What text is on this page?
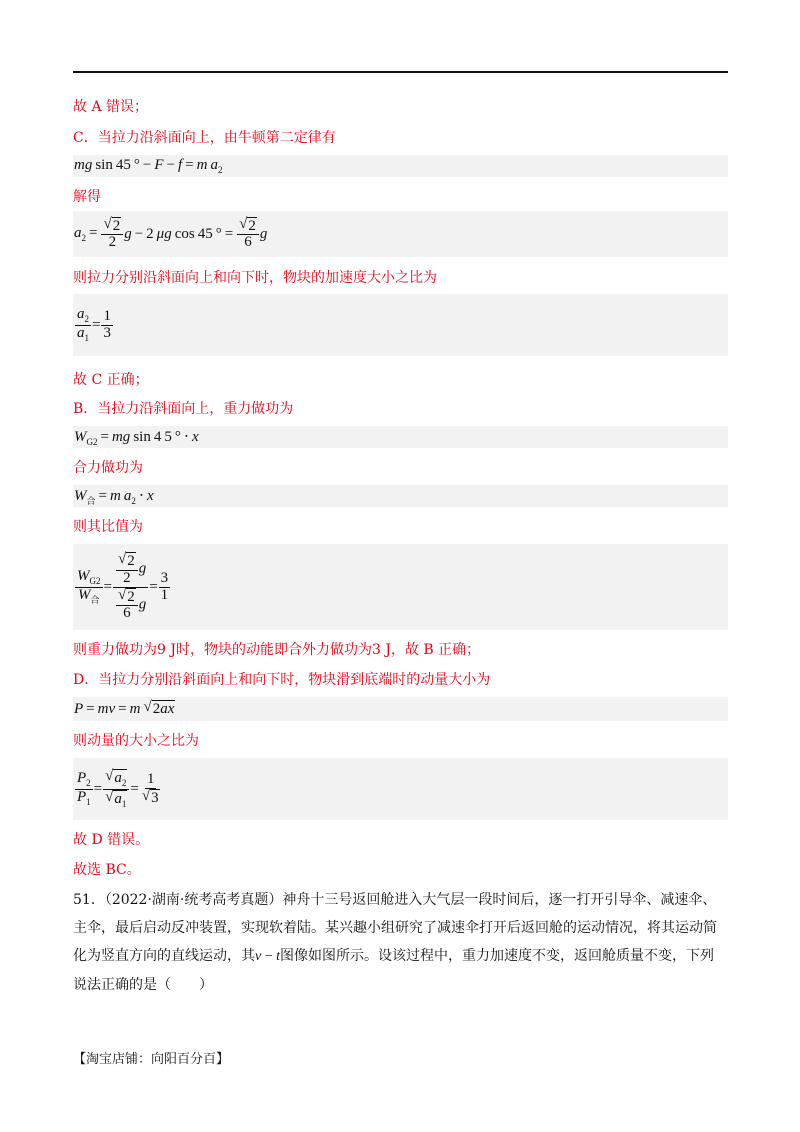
故 A 错误；
C．当拉力沿斜面向上，由牛顿第二定律有
mg sin 45 ° − F − f = m  $a_2$
解得
$a_2 = \frac{√ 2}{2}$ g − 2 μg cos 45 ° =  $\frac{√ 2}{6}$ g
则拉力分别沿斜面向上和向下时，物块的加速度大小之比为
$\frac{a_2}{a_1} = \frac{1}{3}$
故 C 正确；
B．当拉力沿斜面向上，重力做功为
$W_{G2}$ = mg sin 4 5 ° ⋅ x
合力做功为
$W_合 = m$  $a_2 \cdot x$
则其比值为
$\frac{W_{G2}}{W_合} = \frac{\frac{√ 2}{2} g}{\frac{√ 2}{6} g} = \frac{3}{1}$
则重力做功为9 J时，物块的动能即合外力做功为3 J，故 B 正确；
D．当拉力分别沿斜面向上和向下时，物块滑到底端时的动量大小为
P = mv = m  √ 2ax
则动量的大小之比为
$\frac{P_2}{P_1} = \frac{√ a_2}{√ a_1} = \frac{1}{√ 3}$
故 D 错误。
故选 BC。
51．（2022·湖南·统考高考真题）神舟十三号返回舱进入大气层一段时间后，逐一打开引导伞、减速伞、
主伞，最后启动反冲装置，实现软着陆。某兴趣小组研究了减速伞打开后返回舱的运动情况，将其运动简
化为竖直方向的直线运动，其v − t图像如图所示。设该过程中，重力加速度不变，返回舱质量不变，下列
说法正确的是（　　）
【淘宝店铺：向阳百分百】
